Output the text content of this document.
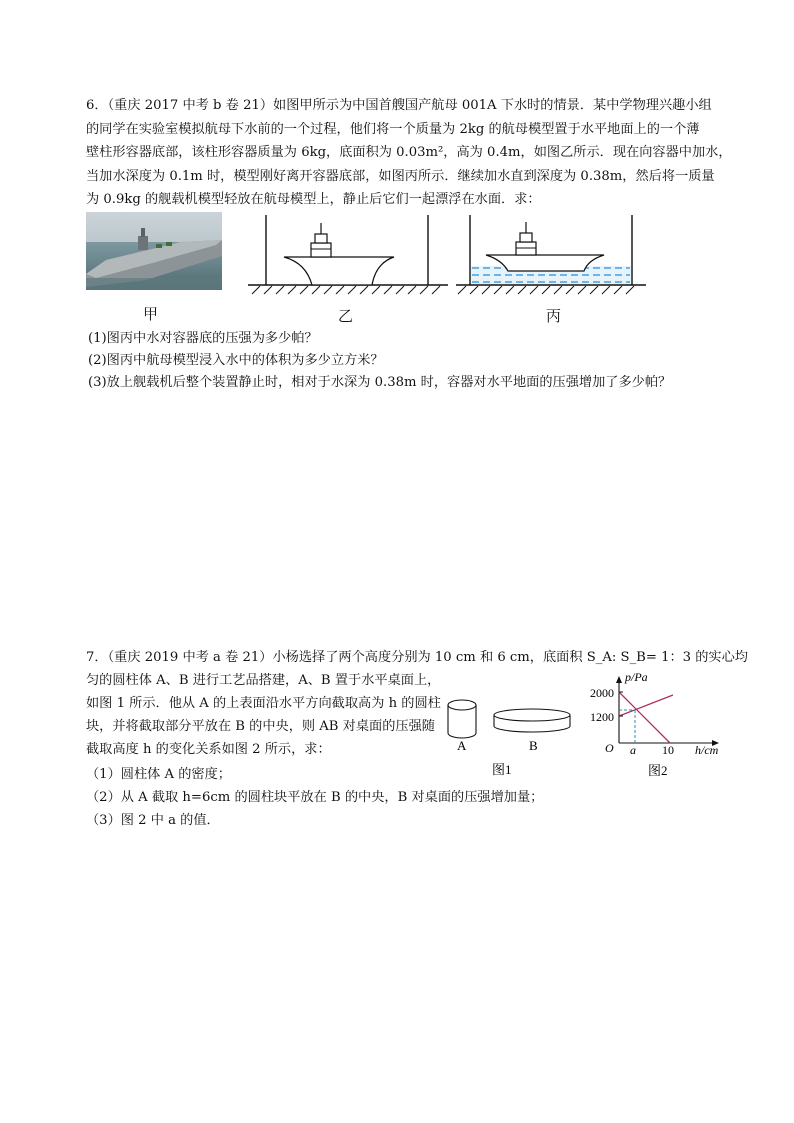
6．（重庆 2017 中考 b 卷 21）如图甲所示为中国首艘国产航母 001A 下水时的情景．某中学物理兴趣小组
的同学在实验室模拟航母下水前的一个过程，他们将一个质量为 2kg 的航母模型置于水平地面上的一个薄
壁柱形容器底部，该柱形容器质量为 6kg，底面积为 0.03m²，高为 0.4m，如图乙所示．现在向容器中加水，
当加水深度为 0.1m 时，模型刚好离开容器底部，如图丙所示．继续加水直到深度为 0.38m，然后将一质量
为 0.9kg 的舰载机模型轻放在航母模型上，静止后它们一起漂浮在水面．求：
甲	乙	丙
(1)图丙中水对容器底的压强为多少帕？
(2)图丙中航母模型浸入水中的体积为多少立方米？
(3)放上舰载机后整个装置静止时，相对于水深为 0.38m 时，容器对水平地面的压强增加了多少帕？
7．（重庆 2019 中考 a 卷 21）小杨选择了两个高度分别为 10 cm 和 6 cm，底面积 S_A: S_B= 1：3 的实心均
匀的圆柱体 A、B 进行工艺品搭建，A、B 置于水平桌面上，
如图 1 所示．他从 A 的上表面沿水平方向截取高为 h 的圆柱
块，并将截取部分平放在 B 的中央，则 AB 对桌面的压强随
截取高度 h 的变化关系如图 2 所示，求：
（1）圆柱体 A 的密度；
（2）从 A 截取 h=6cm 的圆柱块平放在 B 的中央，B 对桌面的压强增加量；
（3）图 2 中 a 的值．
A	B
图1
2000
1200
O a 10
p/Pa
h/cm
图2
